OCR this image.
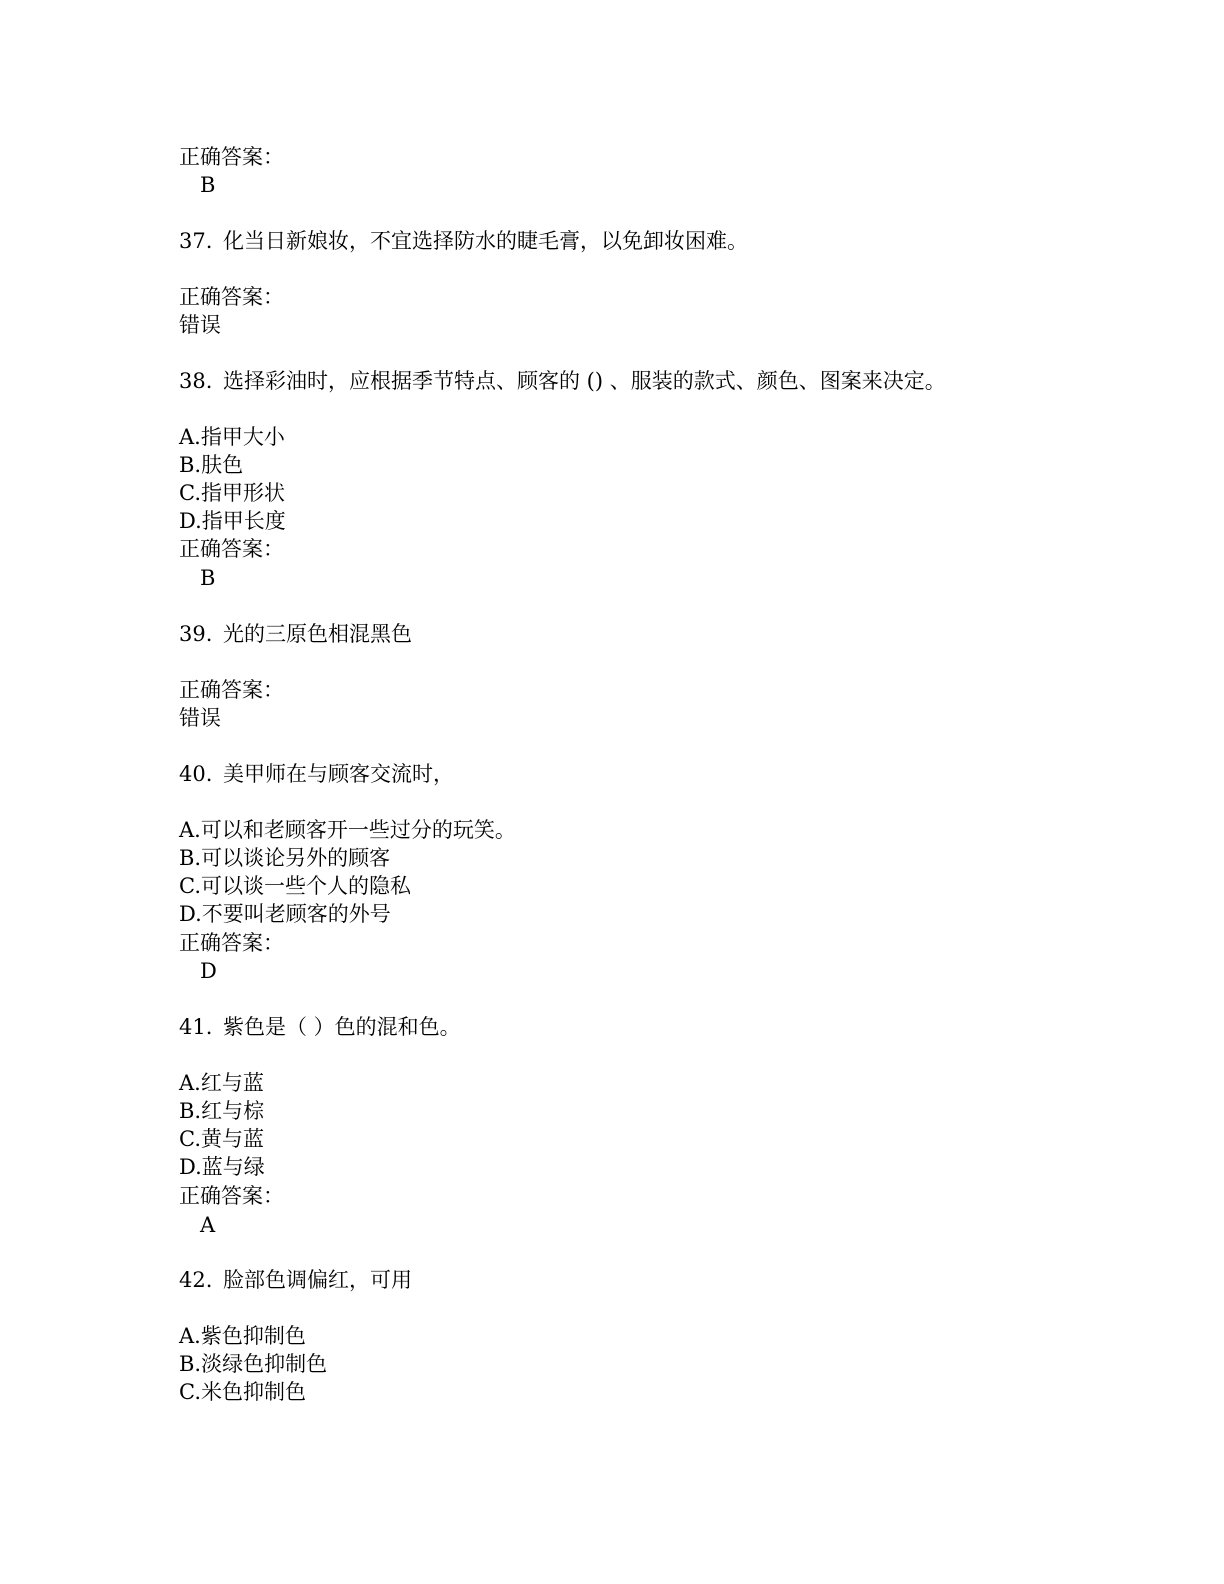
正确答案：
B
37. 化当日新娘妆，不宜选择防水的睫毛膏，以免卸妆困难。
正确答案：
错误
38. 选择彩油时，应根据季节特点、顾客的 () 、服装的款式、颜色、图案来决定。
A.指甲大小
B.肤色
C.指甲形状
D.指甲长度
正确答案：
B
39. 光的三原色相混黑色
正确答案：
错误
40. 美甲师在与顾客交流时，
A.可以和老顾客开一些过分的玩笑。
B.可以谈论另外的顾客
C.可以谈一些个人的隐私
D.不要叫老顾客的外号
正确答案：
D
41. 紫色是（ ）色的混和色。
A.红与蓝
B.红与棕
C.黄与蓝
D.蓝与绿
正确答案：
A
42. 脸部色调偏红，可用
A.紫色抑制色
B.淡绿色抑制色
C.米色抑制色
